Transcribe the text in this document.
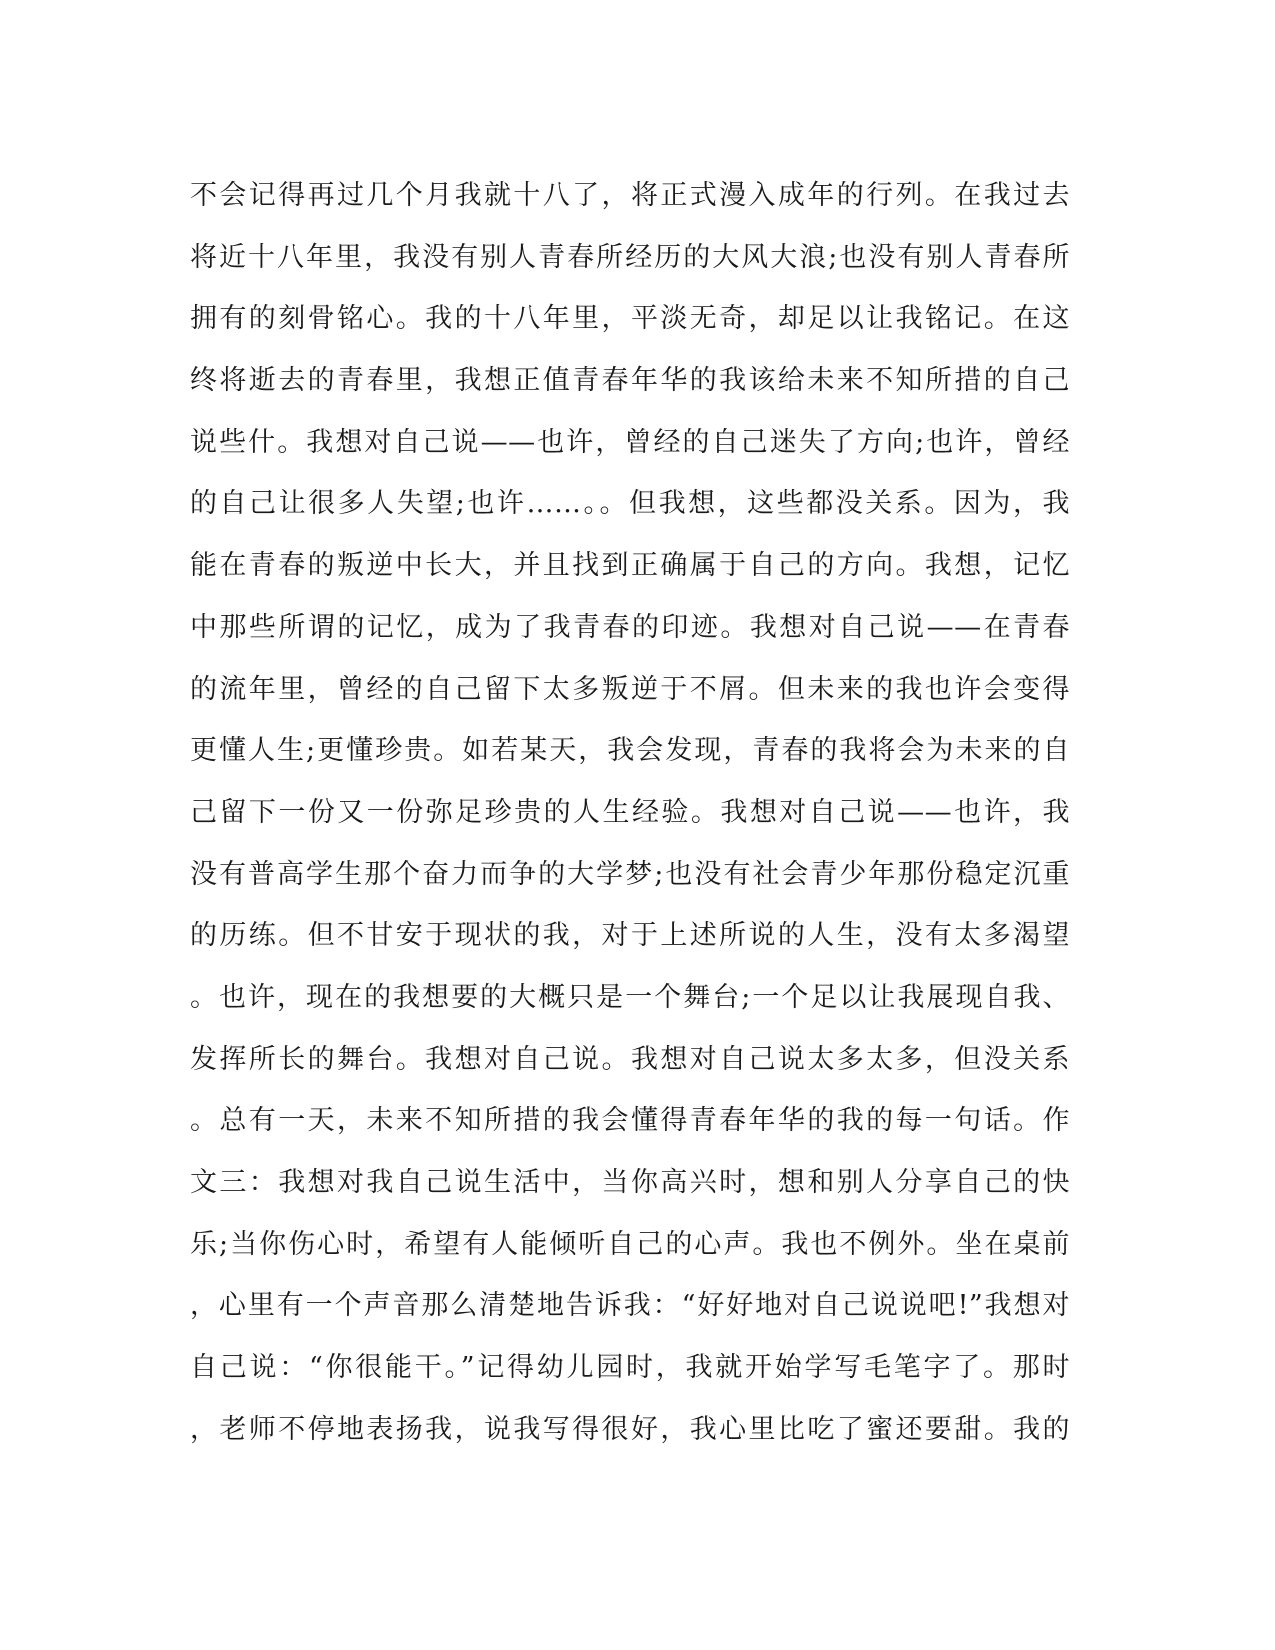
不会记得再过几个月我就十八了，将正式漫入成年的行列。在我过去
将近十八年里，我没有别人青春所经历的大风大浪;也没有别人青春所
拥有的刻骨铭心。我的十八年里，平淡无奇，却足以让我铭记。在这
终将逝去的青春里，我想正值青春年华的我该给未来不知所措的自己
说些什。我想对自己说——也许，曾经的自己迷失了方向;也许，曾经
的自己让很多人失望;也许……。。但我想，这些都没关系。因为，我
能在青春的叛逆中长大，并且找到正确属于自己的方向。我想，记忆
中那些所谓的记忆，成为了我青春的印迹。我想对自己说——在青春
的流年里，曾经的自己留下太多叛逆于不屑。但未来的我也许会变得
更懂人生;更懂珍贵。如若某天，我会发现，青春的我将会为未来的自
己留下一份又一份弥足珍贵的人生经验。我想对自己说——也许，我
没有普高学生那个奋力而争的大学梦;也没有社会青少年那份稳定沉重
的历练。但不甘安于现状的我，对于上述所说的人生，没有太多渴望
。也许，现在的我想要的大概只是一个舞台;一个足以让我展现自我、
发挥所长的舞台。我想对自己说。我想对自己说太多太多，但没关系
。总有一天，未来不知所措的我会懂得青春年华的我的每一句话。作
文三：我想对我自己说生活中，当你高兴时，想和别人分享自己的快
乐;当你伤心时，希望有人能倾听自己的心声。我也不例外。坐在桌前
，心里有一个声音那么清楚地告诉我：“好好地对自己说说吧!”我想对
自己说：“你很能干。”记得幼儿园时，我就开始学写毛笔字了。那时
，老师不停地表扬我，说我写得很好，我心里比吃了蜜还要甜。我的
